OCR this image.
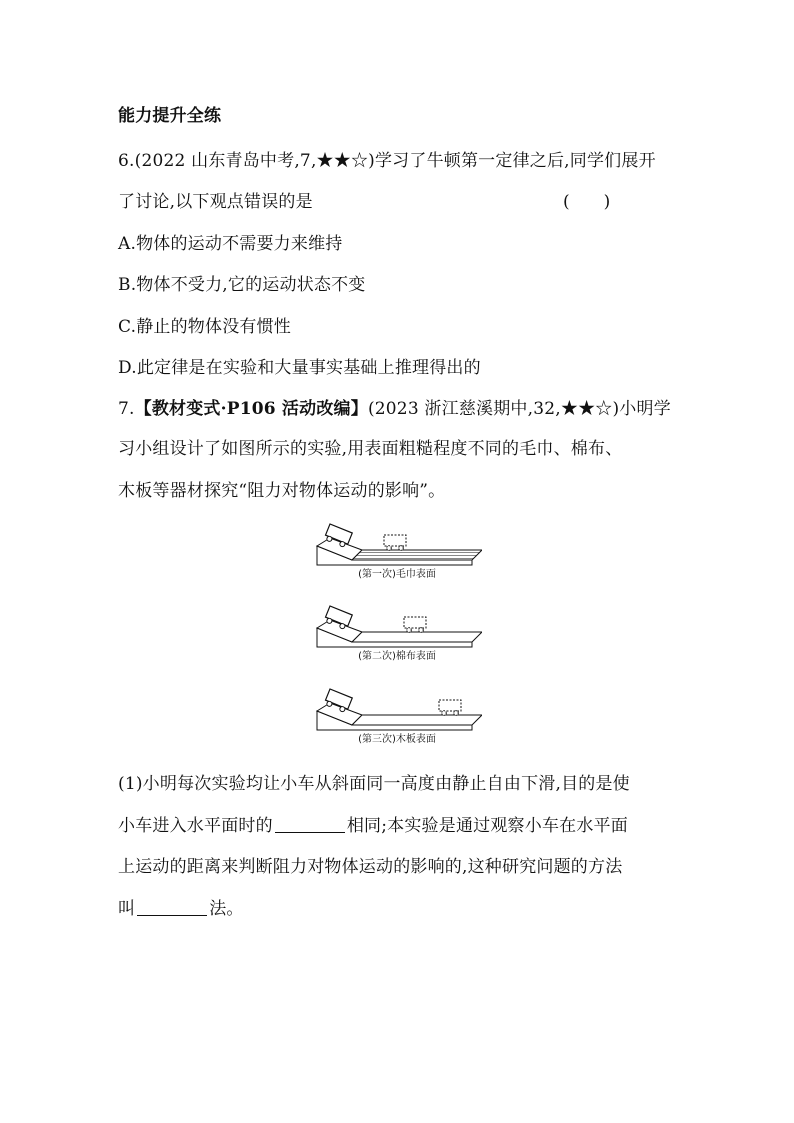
能力提升全练
6.(2022 山东青岛中考,7,★★☆)学习了牛顿第一定律之后,同学们展开
了讨论,以下观点错误的是	(　　)
A.物体的运动不需要力来维持
B.物体不受力,它的运动状态不变
C.静止的物体没有惯性
D.此定律是在实验和大量事实基础上推理得出的
7.【教材变式·P106 活动改编】(2023 浙江慈溪期中,32,★★☆)小明学
习小组设计了如图所示的实验,用表面粗糙程度不同的毛巾、棉布、
木板等器材探究“阻力对物体运动的影响”。
(第一次)毛巾表面
(第二次)棉布表面
(第三次)木板表面
(1)小明每次实验均让小车从斜面同一高度由静止自由下滑,目的是使
小车进入水平面时的	相同;本实验是通过观察小车在水平面
上运动的距离来判断阻力对物体运动的影响的,这种研究问题的方法
叫	法。
